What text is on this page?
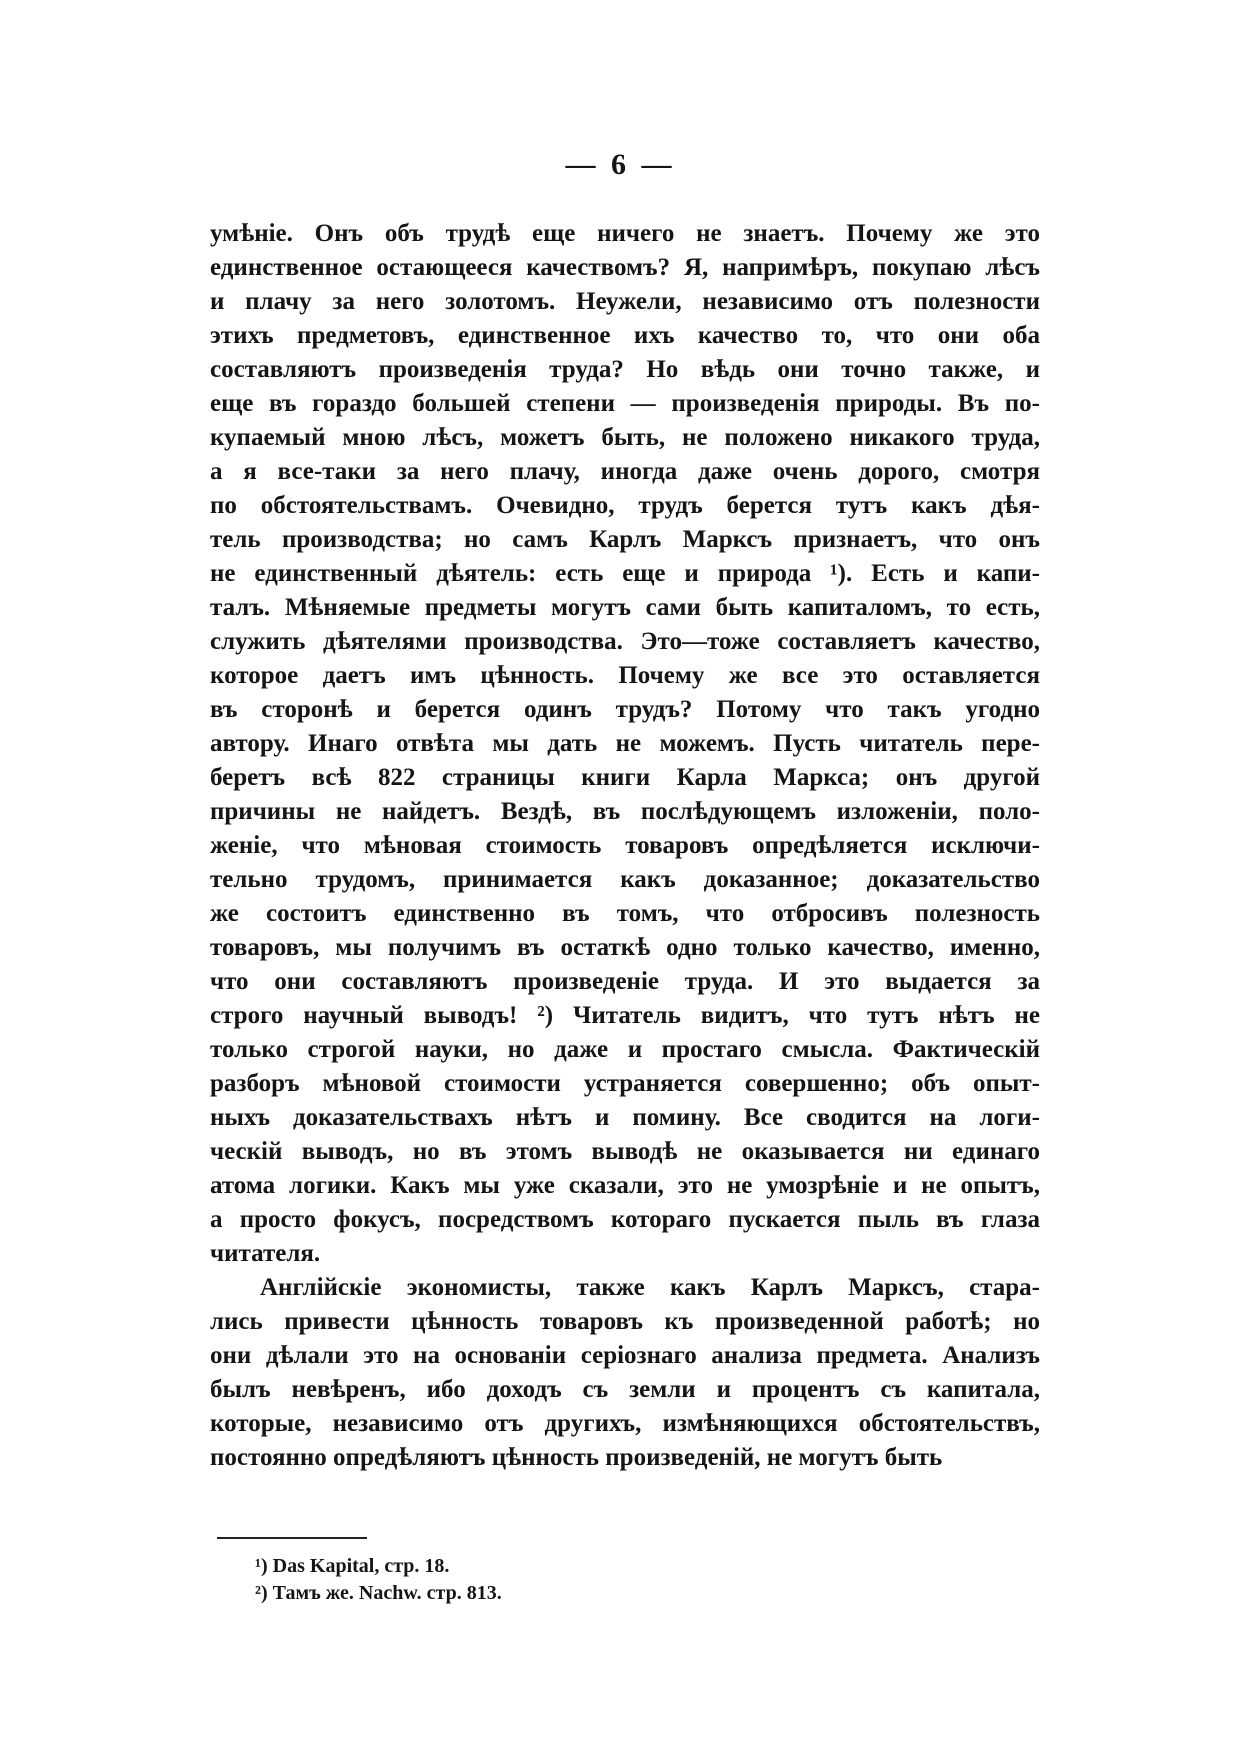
— 6 —
умѣніе. Онъ объ трудѣ еще ничего не знаетъ. Почему же это
единственное остающееся качествомъ? Я, напримѣръ, покупаю лѣсъ
и плачу за него золотомъ. Неужели, независимо отъ полезности
этихъ предметовъ, единственное ихъ качество то, что они оба
составляютъ произведенія труда? Но вѣдь они точно также, и
еще въ гораздо большей степени — произведенія природы. Въ по-
купаемый мною лѣсъ, можетъ быть, не положено никакого труда,
а я все-таки за него плачу, иногда даже очень дорого, смотря
по обстоятельствамъ. Очевидно, трудъ берется тутъ какъ дѣя-
тель производства; но самъ Карлъ Марксъ признаетъ, что онъ
не единственный дѣятель: есть еще и природа ¹). Есть и капи-
талъ. Мѣняемые предметы могутъ сами быть капиталомъ, то есть,
служить дѣятелями производства. Это—тоже составляетъ качество,
которое даетъ имъ цѣнность. Почему же все это оставляется
въ сторонѣ и берется одинъ трудъ? Потому что такъ угодно
автору. Инаго отвѣта мы дать не можемъ. Пусть читатель пере-
беретъ всѣ 822 страницы книги Карла Маркса; онъ другой
причины не найдетъ. Вездѣ, въ послѣдующемъ изложеніи, поло-
женіе, что мѣновая стоимость товаровъ опредѣляется исключи-
тельно трудомъ, принимается какъ доказанное; доказательство
же состоитъ единственно въ томъ, что отбросивъ полезность
товаровъ, мы получимъ въ остаткѣ одно только качество, именно,
что они составляютъ произведеніе труда. И это выдается за
строго научный выводъ! ²) Читатель видитъ, что тутъ нѣтъ не
только строгой науки, но даже и простаго смысла. Фактическій
разборъ мѣновой стоимости устраняется совершенно; объ опыт-
ныхъ доказательствахъ нѣтъ и помину. Все сводится на логи-
ческій выводъ, но въ этомъ выводѣ не оказывается ни единаго
атома логики. Какъ мы уже сказали, это не умозрѣніе и не опытъ,
а просто фокусъ, посредствомъ котораго пускается пыль въ глаза
читателя.
Англійскіе экономисты, также какъ Карлъ Марксъ, стара-
лись привести цѣнность товаровъ къ произведенной работѣ; но
они дѣлали это на основаніи серіознаго анализа предмета. Анализъ
былъ невѣренъ, ибо доходъ съ земли и процентъ съ капитала,
которые, независимо отъ другихъ, измѣняющихся обстоятельствъ,
постоянно опредѣляютъ цѣнность произведеній, не могутъ быть
¹) Das Kapital, стр. 18.
²) Тамъ же. Nachw. стр. 813.
